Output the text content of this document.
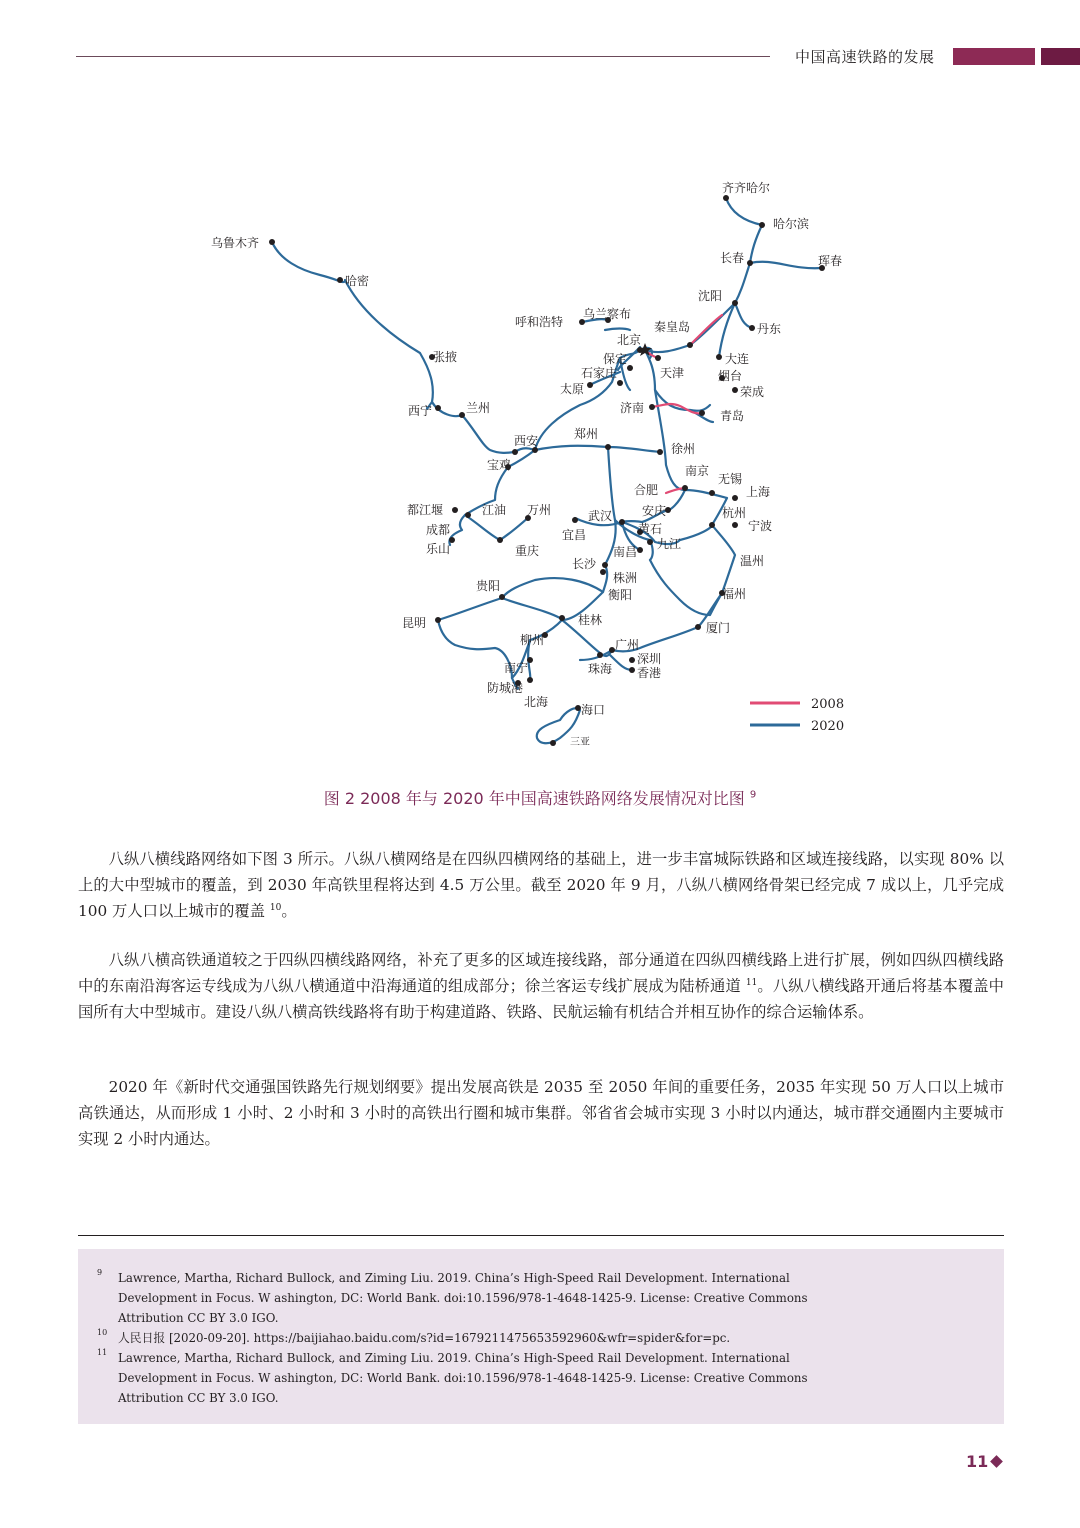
中国高速铁路的发展
齐齐哈尔
哈尔滨
长春	珲春
沈阳
丹东
大连
乌鲁木齐
哈密
乌兰察布
呼和浩特	秦皇岛
北京
保定
天津
石家庄	烟台
太原	荣成
张掖
济南
青岛
西宁	兰州
郑州
西安
徐州
宝鸡	南京
无锡
合肥	上海
都江堰	江油 万州	武汉 安庆	杭州
宁波
成都	宜昌	黄石
九江
乐山	重庆	南昌
温州
长沙
株洲
贵阳
衡阳	福州
昆明	桂林
厦门
柳州	广州
深圳
南宁	珠海 香港
防城港
北海
海口
三亚
2008
2020
图 2 2008 年与 2020 年中国高速铁路网络发展情况对比图 $^9$

八纵八横线路网络如下图 3 所示。八纵八横网络是在四纵四横网络的基础上，进一步丰富城际铁路和区域连接线路，以实现 80% 以上的大中型城市的覆盖，到 2030 年高铁里程将达到 4.5 万公里。截至 2020 年 9 月，八纵八横网络骨架已经完成 7 成以上，几乎完成 100 万人口以上城市的覆盖 $^{10}$。

八纵八横高铁通道较之于四纵四横线路网络，补充了更多的区域连接线路，部分通道在四纵四横线路上进行扩展，例如四纵四横线路中的东南沿海客运专线成为八纵八横通道中沿海通道的组成部分；徐兰客运专线扩展成为陆桥通道 $^{11}$。八纵八横线路开通后将基本覆盖中国所有大中型城市。建设八纵八横高铁线路将有助于构建道路、铁路、民航运输有机结合并相互协作的综合运输体系。

2020 年《新时代交通强国铁路先行规划纲要》提出发展高铁是 2035 至 2050 年间的重要任务，2035 年实现 50 万人口以上城市高铁通达，从而形成 1 小时、2 小时和 3 小时的高铁出行圈和城市集群。邻省省会城市实现 3 小时以内通达，城市群交通圈内主要城市实现 2 小时内通达。

9 Lawrence, Martha, Richard Bullock, and Ziming Liu. 2019. China’s High-Speed Rail Development. International Development in Focus. W ashington, DC: World Bank. doi:10.1596/978-1-4648-1425-9. License: Creative Commons Attribution CC BY 3.0 IGO.

10 人民日报 [2020-09-20]. https://baijiahao.baidu.com/s?id=1679211475653592960&wfr=spider&for=pc.

11 Lawrence, Martha, Richard Bullock, and Ziming Liu. 2019. China’s High-Speed Rail Development. International Development in Focus. W ashington, DC: World Bank. doi:10.1596/978-1-4648-1425-9. License: Creative Commons Attribution CC BY 3.0 IGO.

11
